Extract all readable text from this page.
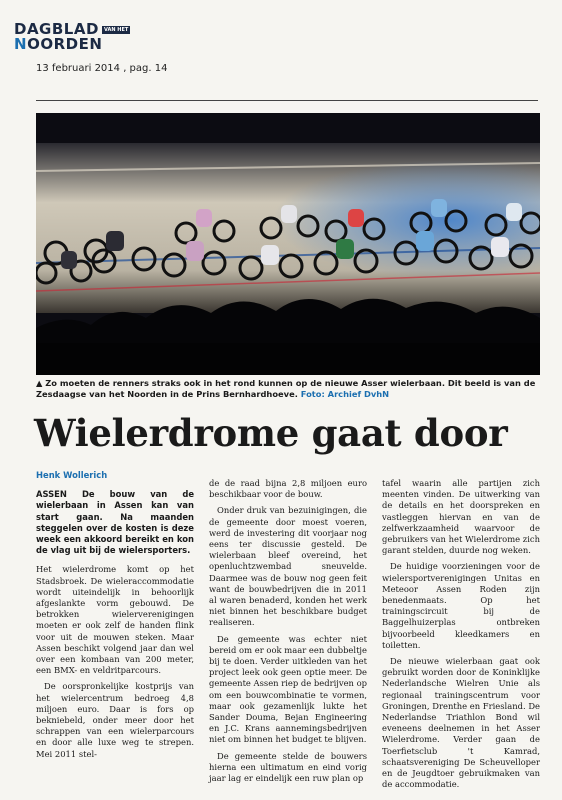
DAGBLAD	VAN HET
N OORDEN
13 februari 2014 , pag. 14
▲ Zo moeten de renners straks ook in het rond kunnen op de nieuwe Asser wielerbaan. Dit beeld is van de Zesdaagse van het Noorden in de Prins Bernhardhoeve. Foto: Archief DvhN
Wielerdrome gaat door
Henk Wollerich
ASSEN De bouw van de wielerbaan in Assen kan van start gaan. Na maanden steggelen over de kosten is deze week een akkoord bereikt en kon de vlag uit bij de wielersporters.

Het wielerdrome komt op het Stadsbroek. De wieleraccommodatie wordt uiteindelijk in behoorlijk afgeslankte vorm gebouwd. De betrokken wielerverenigingen moeten er ook zelf de handen flink voor uit de mouwen steken. Maar Assen beschikt volgend jaar dan wel over een kombaan van 200 meter, een BMX- en veldritparcours.

De oorspronkelijke kostprijs van het wielercentrum bedroeg 4,8 miljoen euro. Daar is fors op bekniebeld, onder meer door het schrappen van een wielerparcours en door alle luxe weg te strepen. Mei 2011 stel-

de de raad bijna 2,8 miljoen euro beschikbaar voor de bouw.

Onder druk van bezuinigingen, die de gemeente door moest voeren, werd de investering dit voorjaar nog eens ter discussie gesteld. De wielerbaan bleef overeind, het openluchtzwembad sneuvelde. Daarmee was de bouw nog geen feit want de bouwbedrijven die in 2011 al waren benaderd, konden het werk niet binnen het beschikbare budget realiseren.

De gemeente was echter niet bereid om er ook maar een dubbeltje bij te doen. Verder uitkleden van het project leek ook geen optie meer. De gemeente Assen riep de bedrijven op om een bouwcombinatie te vormen, maar ook gezamenlijk lukte het Sander Douma, Bejan Engineering en J.C. Krans aannemingsbedrijven niet om binnen het budget te blijven.

De gemeente stelde de bouwers hierna een ultimatum en eind vorig jaar lag er eindelijk een ruw plan op

tafel waarin alle partijen zich meenten vinden. De uitwerking van de details en het doorspreken en vastleggen hiervan en van de zelfwerkzaamheid waarvoor de gebruikers van het Wielerdrome zich garant stelden, duurde nog weken.

De huidige voorzieningen voor de wielersportverenigingen Unitas en Meteoor Assen Roden zijn benedenmaats. Op het trainingscircuit bij de Baggelhuizerplas ontbreken bijvoorbeeld kleedkamers en toiletten.

De nieuwe wielerbaan gaat ook gebruikt worden door de Koninklijke Nederlandsche Wielren Unie als regionaal trainingscentrum voor Groningen, Drenthe en Friesland. De Nederlandse Triathlon Bond wil eveneens deelnemen in het Asser Wielerdrome. Verder gaan de Toerfietsclub 't Kamrad, schaatsvereniging De Scheuvelloper en de Jeugdtoer gebruikmaken van de accommodatie.
